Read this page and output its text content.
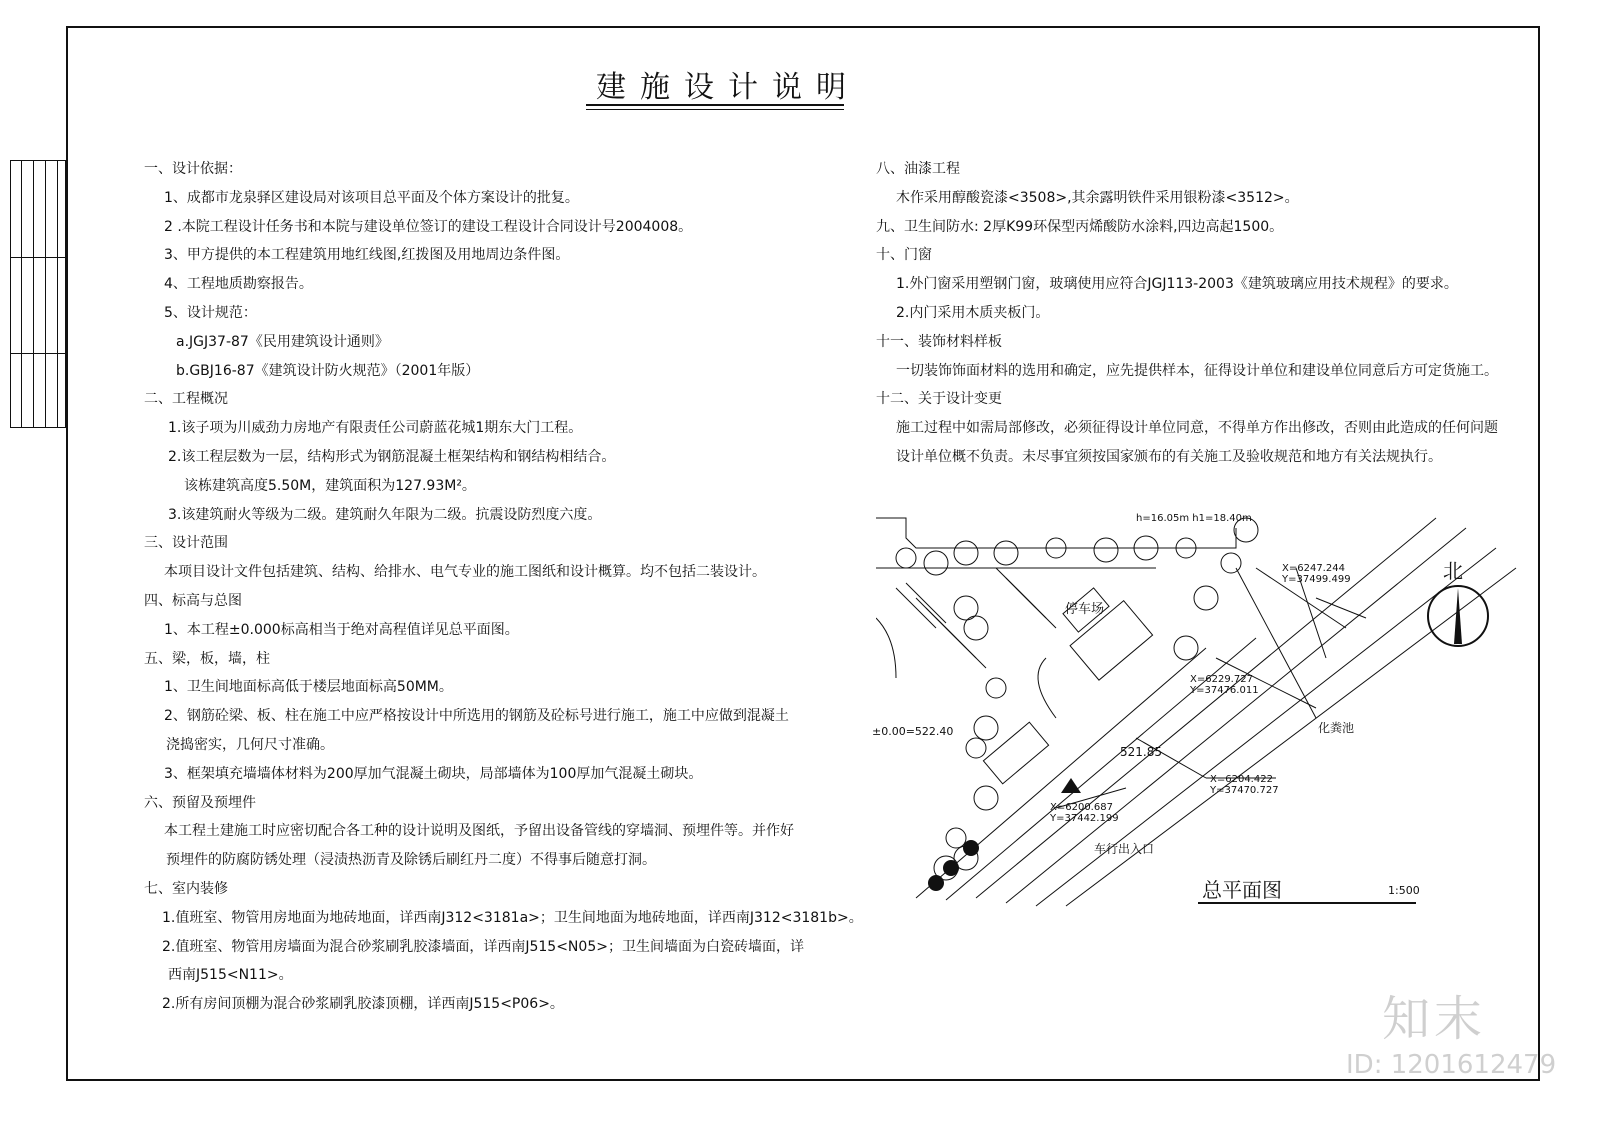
建施设计说明
一、设计依据：
1、成都市龙泉驿区建设局对该项目总平面及个体方案设计的批复。
2 .本院工程设计任务书和本院与建设单位签订的建设工程设计合同设计号2004008。
3、甲方提供的本工程建筑用地红线图,红拨图及用地周边条件图。
4、工程地质勘察报告。
5、设计规范：
a.JGJ37-87《民用建筑设计通则》
b.GBJ16-87《建筑设计防火规范》（2001年版）
二、工程概况
1.该子项为川威劲力房地产有限责任公司蔚蓝花城1期东大门工程。
2.该工程层数为一层，结构形式为钢筋混凝土框架结构和钢结构相结合。
该栋建筑高度5.50M，建筑面积为127.93M²。
3.该建筑耐火等级为二级。建筑耐久年限为二级。抗震设防烈度六度。
三、设计范围
本项目设计文件包括建筑、结构、给排水、电气专业的施工图纸和设计概算。均不包括二装设计。
四、标高与总图
1、本工程±0.000标高相当于绝对高程值详见总平面图。
五、梁，板，墙，柱
1、卫生间地面标高低于楼层地面标高50MM。
2、钢筋砼梁、板、柱在施工中应严格按设计中所选用的钢筋及砼标号进行施工，施工中应做到混凝土
浇捣密实，几何尺寸准确。
3、框架填充墙墙体材料为200厚加气混凝土砌块，局部墙体为100厚加气混凝土砌块。
六、预留及预埋件
本工程土建施工时应密切配合各工种的设计说明及图纸，予留出设备管线的穿墙洞、预埋件等。并作好
预埋件的防腐防锈处理（浸渍热沥青及除锈后刷红丹二度）不得事后随意打洞。
七、室内装修
1.值班室、物管用房地面为地砖地面，详西南J312<3181a>；卫生间地面为地砖地面，详西南J312<3181b>。
2.值班室、物管用房墙面为混合砂浆刷乳胶漆墙面，详西南J515<N05>；卫生间墙面为白瓷砖墙面，详
西南J515<N11>。
2.所有房间顶棚为混合砂浆刷乳胶漆顶棚，详西南J515<P06>。
八、油漆工程
木作采用醇酸瓷漆<3508>,其余露明铁件采用银粉漆<3512>。
九、卫生间防水: 2厚K99环保型丙烯酸防水涂料,四边高起1500。
十、门窗
1.外门窗采用塑钢门窗，玻璃使用应符合JGJ113-2003《建筑玻璃应用技术规程》的要求。
2.内门采用木质夹板门。
十一、装饰材料样板
一切装饰饰面材料的选用和确定，应先提供样本，征得设计单位和建设单位同意后方可定货施工。
十二、关于设计变更
施工过程中如需局部修改，必须征得设计单位同意，不得单方作出修改，否则由此造成的任何问题
设计单位概不负责。未尽事宜须按国家颁布的有关施工及验收规范和地方有关法规执行。
h=16.05m h1=18.40m
停车场
化粪池
521.85
±0.00=522.40
车行出入口
X=6247.244
Y=37499.499
X=6229.727
Y=37476.011
X=6204.422
Y=37470.727
X=6200.687
Y=37442.199
总平面图	1:500
北
知末
ID: 1201612479
